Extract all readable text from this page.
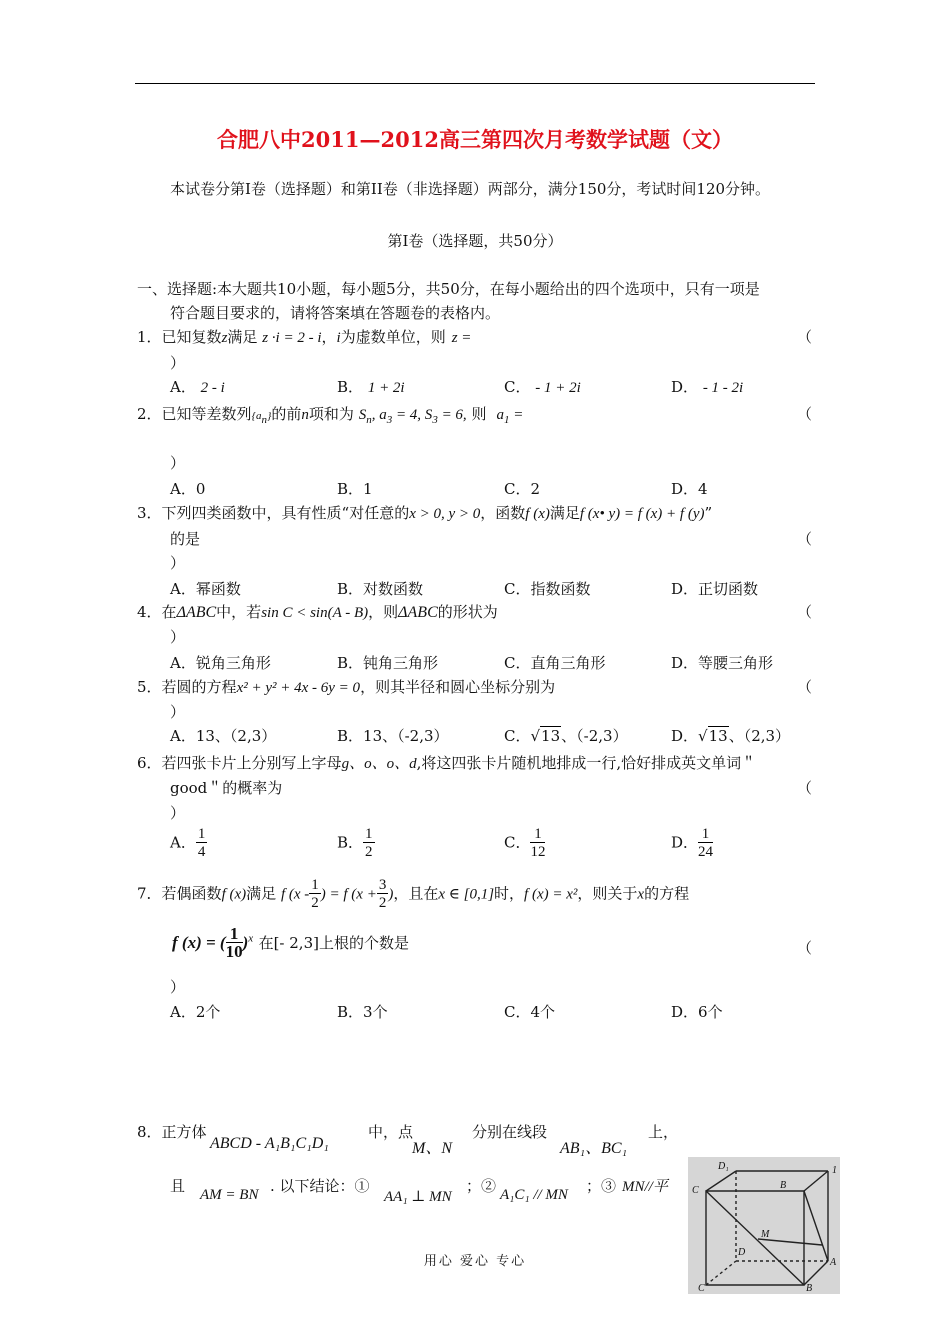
合肥八中2011—2012高三第四次月考数学试题（文）
本试卷分第Ⅰ卷（选择题）和第II卷（非选择题）两部分，满分150分，考试时间120分钟。
第Ⅰ卷（选择题，共50分）
一、选择题:本大题共10小题，每小题5分，共50分，在每小题给出的四个选项中，只有一项是
符合题目要求的，请将答案填在答题卷的表格内。
1．已知复数z满足 z ·i = 2 - i，i为虚数单位，则 z =	（
）
A． 2 - i	B． 1 + 2i	C． - 1 + 2i	D． - 1 - 2i
2．已知等差数列$\{a_n\}$的前n项和为 $S_n$, $a_3 = 4$, $S_3 = 6$, 则 $a_1$ =	（
）
A．0	B．1	C．2	D．4
3．下列四类函数中，具有性质“对任意的x > 0, y > 0，函数f (x)满足f (x• y) = f (x) + f (y)”
的是	（
）
A．幂函数	B．对数函数	C．指数函数	D．正切函数
4．在ΔABC中，若sin C < sin(A - B)，则ΔABC的形状为	（
）
A．锐角三角形	B．钝角三角形	C．直角三角形	D．等腰三角形
5．若圆的方程x² + y² + 4x - 6y = 0，则其半径和圆心坐标分别为	（
）
A．13、（2,3）	B．13、（-2,3）	C．√13、（-2,3）	D．√13、（2,3）
6．若四张卡片上分别写上字母g、o、o、d,将这四张卡片随机地排成一行,恰好排成英文单词＂
good＂的概率为	（
）
A． $\frac{1}{4}$	B． $\frac{1}{2}$	C． $\frac{1}{12}$	D． $\frac{1}{24}$
7．若偶函数f (x)满足 f ($x - \frac{1}{2}$ ) = f ($x + \frac{3}{2}$ )，且在x ∈ [0,1]时，f (x) = x²，则关于x的方程
f (x) = ( $\frac{1}{10} )^x$ 在[- 2,3]上根的个数是	（
）
A．2个	B．3个	C．4个	D．6个
8．正方体
ABCD - A₁B₁C₁D₁
中，点
M、N
分别在线段
AB₁、BC₁
上，
且 AM = BN . 以下结论：①
AA₁ ⊥ MN
；② A₁C₁ // MN ；③ MN//平
D₁
C	B
1
M
D
A
C	B
用心 爱心 专心
